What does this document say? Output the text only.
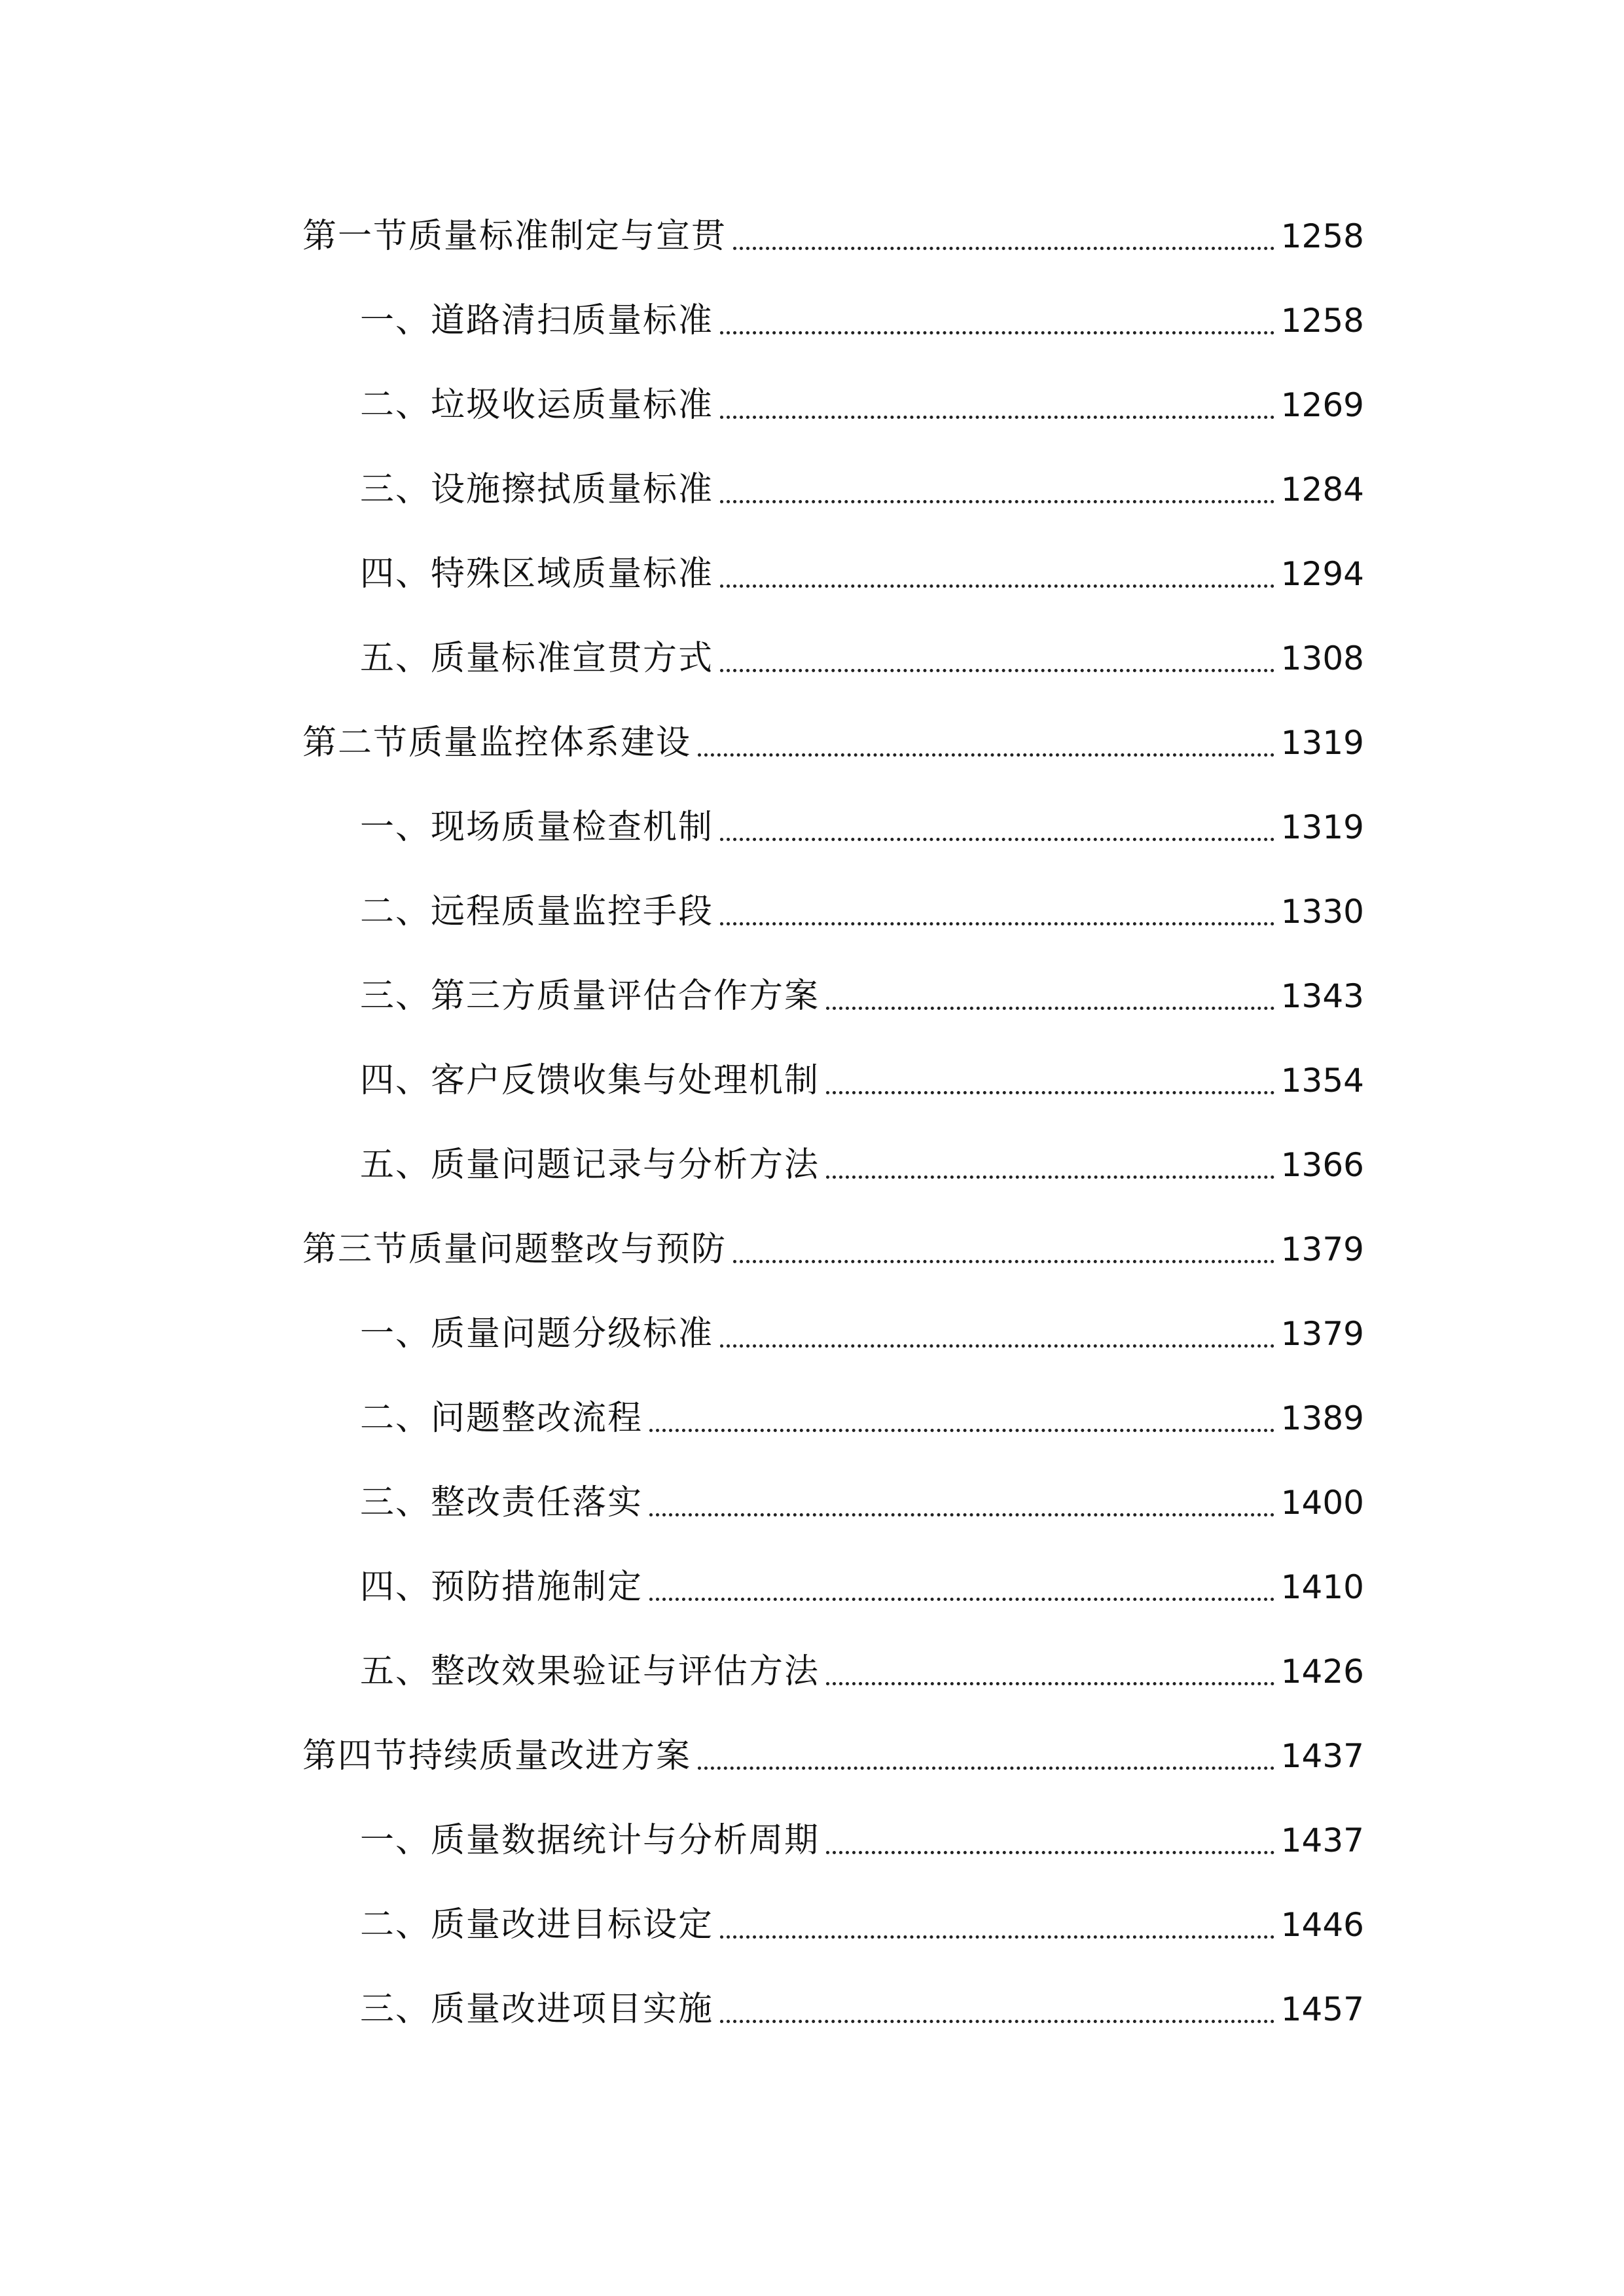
第一节质量标准制定与宣贯	1258
一、道路清扫质量标准	1258
二、垃圾收运质量标准	1269
三、设施擦拭质量标准	1284
四、特殊区域质量标准	1294
五、质量标准宣贯方式	1308
第二节质量监控体系建设	1319
一、现场质量检查机制	1319
二、远程质量监控手段	1330
三、第三方质量评估合作方案	1343
四、客户反馈收集与处理机制	1354
五、质量问题记录与分析方法	1366
第三节质量问题整改与预防	1379
一、质量问题分级标准	1379
二、问题整改流程	1389
三、整改责任落实	1400
四、预防措施制定	1410
五、整改效果验证与评估方法	1426
第四节持续质量改进方案	1437
一、质量数据统计与分析周期	1437
二、质量改进目标设定	1446
三、质量改进项目实施	1457
